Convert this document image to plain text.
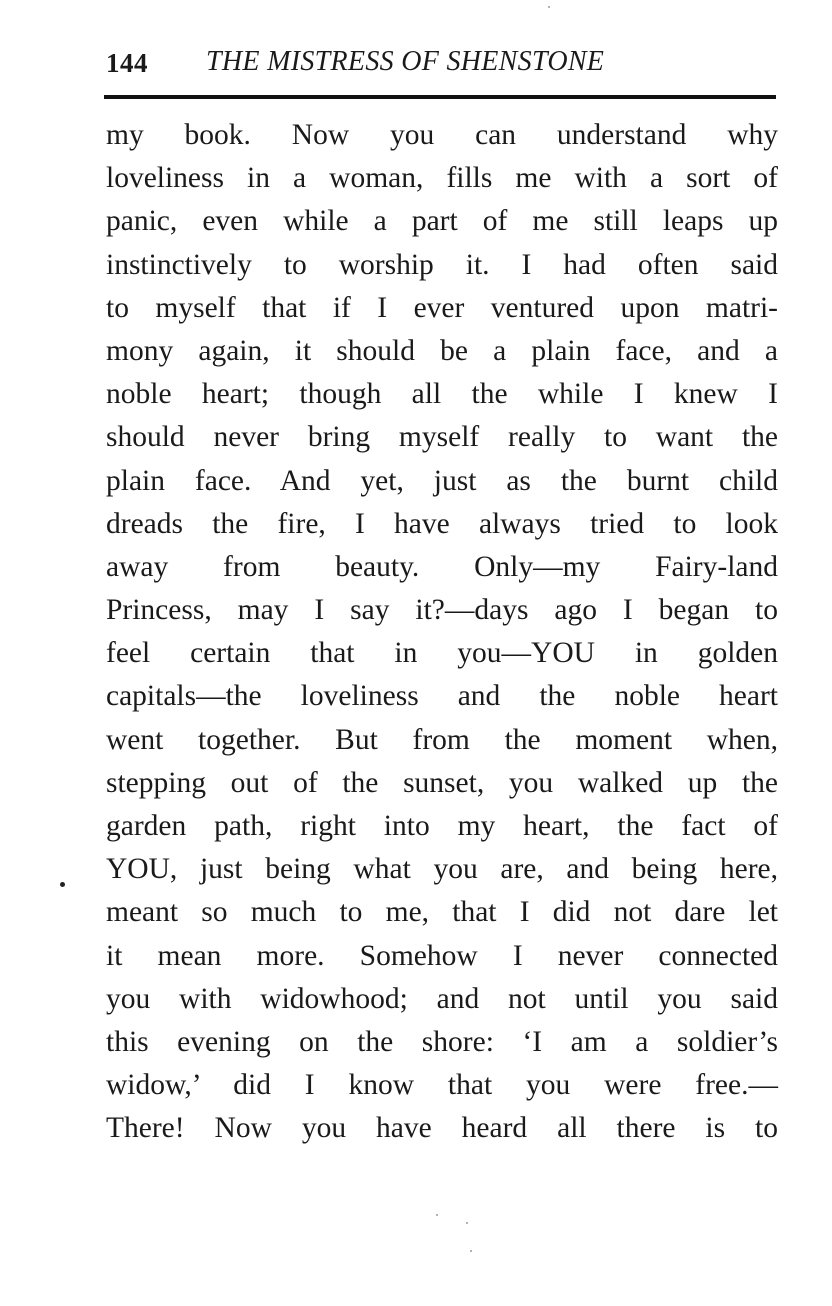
144 THE MISTRESS OF SHENSTONE
my book. Now you can understand why
loveliness in a woman, fills me with a sort of
panic, even while a part of me still leaps up
instinctively to worship it. I had often said
to myself that if I ever ventured upon matri-
mony again, it should be a plain face, and a
noble heart; though all the while I knew I
should never bring myself really to want the
plain face. And yet, just as the burnt child
dreads the fire, I have always tried to look
away from beauty. Only—my Fairy-land
Princess, may I say it?—days ago I began to
feel certain that in you—YOU in golden
capitals—the loveliness and the noble heart
went together. But from the moment when,
stepping out of the sunset, you walked up the
garden path, right into my heart, the fact of
YOU, just being what you are, and being here,
meant so much to me, that I did not dare let
it mean more. Somehow I never connected
you with widowhood; and not until you said
this evening on the shore: ‘I am a soldier’s
widow,’ did I know that you were free.—
There! Now you have heard all there is to
